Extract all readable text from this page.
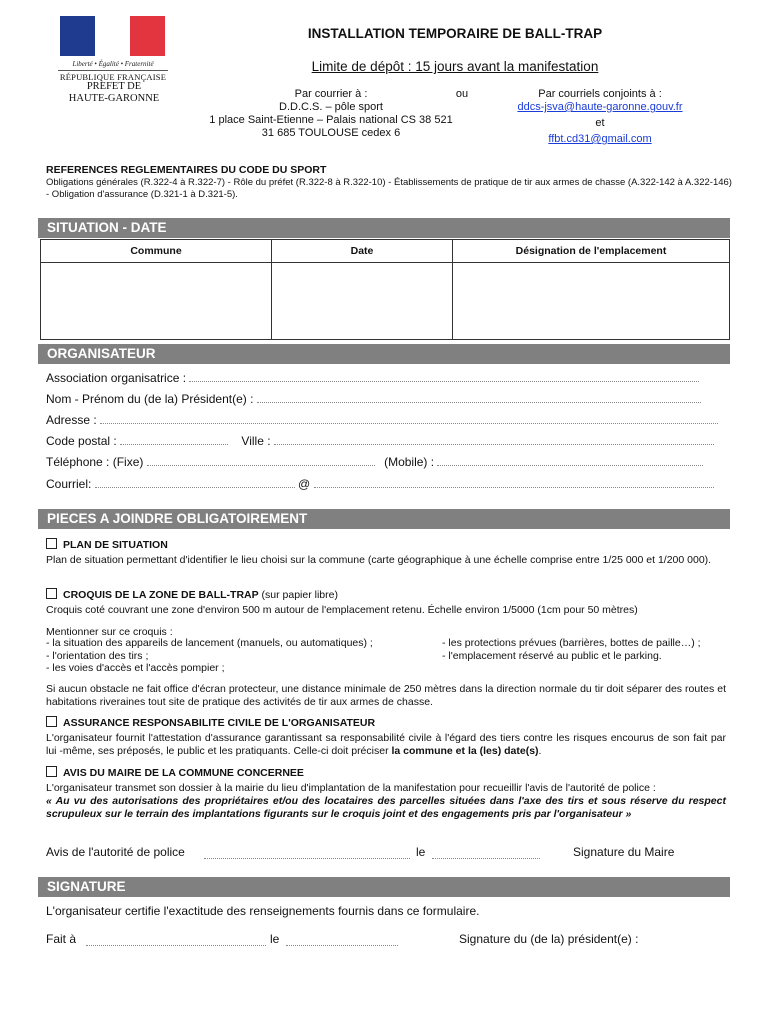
Liberté • Égalité • Fraternité
RÉPUBLIQUE FRANÇAISE
PREFET DE
HAUTE-GARONNE
INSTALLATION TEMPORAIRE DE BALL-TRAP
Limite de dépôt : 15 jours avant la manifestation
Par courrier à :
D.D.C.S. – pôle sport
1 place Saint-Etienne – Palais national CS 38 521
31 685 TOULOUSE cedex 6
ou	Par courriels conjoints à :
ddcs-jsva@haute-garonne.gouv.fr
et
ffbt.cd31@gmail.com
REFERENCES REGLEMENTAIRES DU CODE DU SPORT
Obligations générales (R.322-4 à R.322-7) - Rôle du préfet (R.322-8 à R.322-10) - Établissements de pratique de tir aux armes de chasse (A.322-142 à A.322-146) - Obligation d'assurance (D.321-1 à D.321-5).
SITUATION - DATE
Commune	Date	Désignation de l'emplacement

ORGANISATEUR
Association organisatrice :
Nom - Prénom du (de la) Président(e) :
Adresse :
Code postal :	Ville :
Téléphone : (Fixe)	(Mobile) :
Courriel:	@
PIECES A JOINDRE OBLIGATOIREMENT
PLAN DE SITUATION
Plan de situation permettant d'identifier le lieu choisi sur la commune (carte géographique à une échelle comprise entre 1/25 000 et 1/200 000).
CROQUIS DE LA ZONE DE BALL-TRAP (sur papier libre)
Croquis coté couvrant une zone d'environ 500 m autour de l'emplacement retenu. Échelle environ 1/5000 (1cm pour 50 mètres)
Mentionner sur ce croquis :
- la situation des appareils de lancement (manuels, ou automatiques) ;
- l'orientation des tirs ;
- les voies d'accès et l'accès pompier ;
- les protections prévues (barrières, bottes de paille…) ;
- l'emplacement réservé au public et le parking.
Si aucun obstacle ne fait office d'écran protecteur, une distance minimale de 250 mètres dans la direction normale du tir doit séparer des routes et habitations riveraines tout site de pratique des activités de tir aux armes de chasse.
ASSURANCE RESPONSABILITE CIVILE DE L'ORGANISATEUR
L'organisateur fournit l'attestation d'assurance garantissant sa responsabilité civile à l'égard des tiers contre les risques encourus de son fait par lui -même, ses préposés, le public et les pratiquants. Celle-ci doit préciser la commune et la (les) date(s).
AVIS DU MAIRE DE LA COMMUNE CONCERNEE
L'organisateur transmet son dossier à la mairie du lieu d'implantation de la manifestation pour recueillir l'avis de l'autorité de police :
« Au vu des autorisations des propriétaires et/ou des locataires des parcelles situées dans l'axe des tirs et sous réserve du respect scrupuleux sur le terrain des implantations figurants sur le croquis joint et des engagements pris par l'organisateur »
Avis de l'autorité de police	le	Signature du Maire
SIGNATURE
L'organisateur certifie l'exactitude des renseignements fournis dans ce formulaire.
Fait à	le	Signature du (de la) président(e) :
